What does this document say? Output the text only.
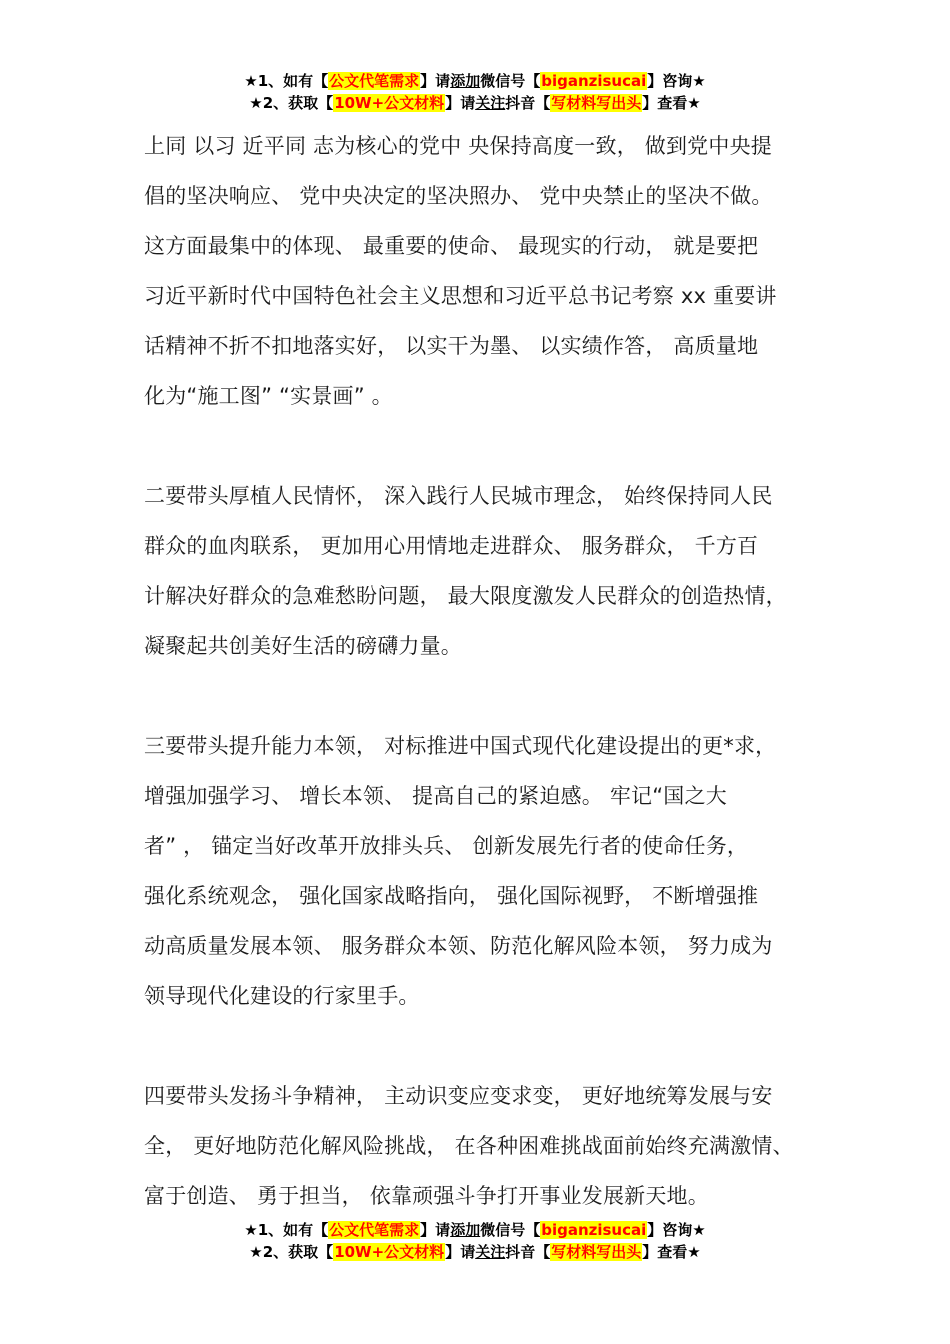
★1、如有【公文代笔需求】请添加微信号【biganzisucai】咨询★
★2、获取【10W+公文材料】请关注抖音【写材料写出头】查看★
上同 以习 近平同 志为核心的党中 央保持高度一致， 做到党中央提
倡的坚决响应、 党中央决定的坚决照办、 党中央禁止的坚决不做。
这方面最集中的体现、 最重要的使命、 最现实的行动， 就是要把
习近平新时代中国特色社会主义思想和习近平总书记考察 xx 重要讲
话精神不折不扣地落实好， 以实干为墨、 以实绩作答， 高质量地
化为“施工图” “实景画” 。
二要带头厚植人民情怀， 深入践行人民城市理念， 始终保持同人民
群众的血肉联系， 更加用心用情地走进群众、 服务群众， 千方百
计解决好群众的急难愁盼问题， 最大限度激发人民群众的创造热情，
凝聚起共创美好生活的磅礴力量。
三要带头提升能力本领， 对标推进中国式现代化建设提出的更*求，
增强加强学习、 增长本领、 提高自己的紧迫感。 牢记“国之大
者” ， 锚定当好改革开放排头兵、 创新发展先行者的使命任务，
强化系统观念， 强化国家战略指向， 强化国际视野， 不断增强推
动高质量发展本领、 服务群众本领、防范化解风险本领， 努力成为
领导现代化建设的行家里手。
四要带头发扬斗争精神， 主动识变应变求变， 更好地统筹发展与安
全， 更好地防范化解风险挑战， 在各种困难挑战面前始终充满激情、
富于创造、 勇于担当， 依靠顽强斗争打开事业发展新天地。
★1、如有【公文代笔需求】请添加微信号【biganzisucai】咨询★
★2、获取【10W+公文材料】请关注抖音【写材料写出头】查看★
